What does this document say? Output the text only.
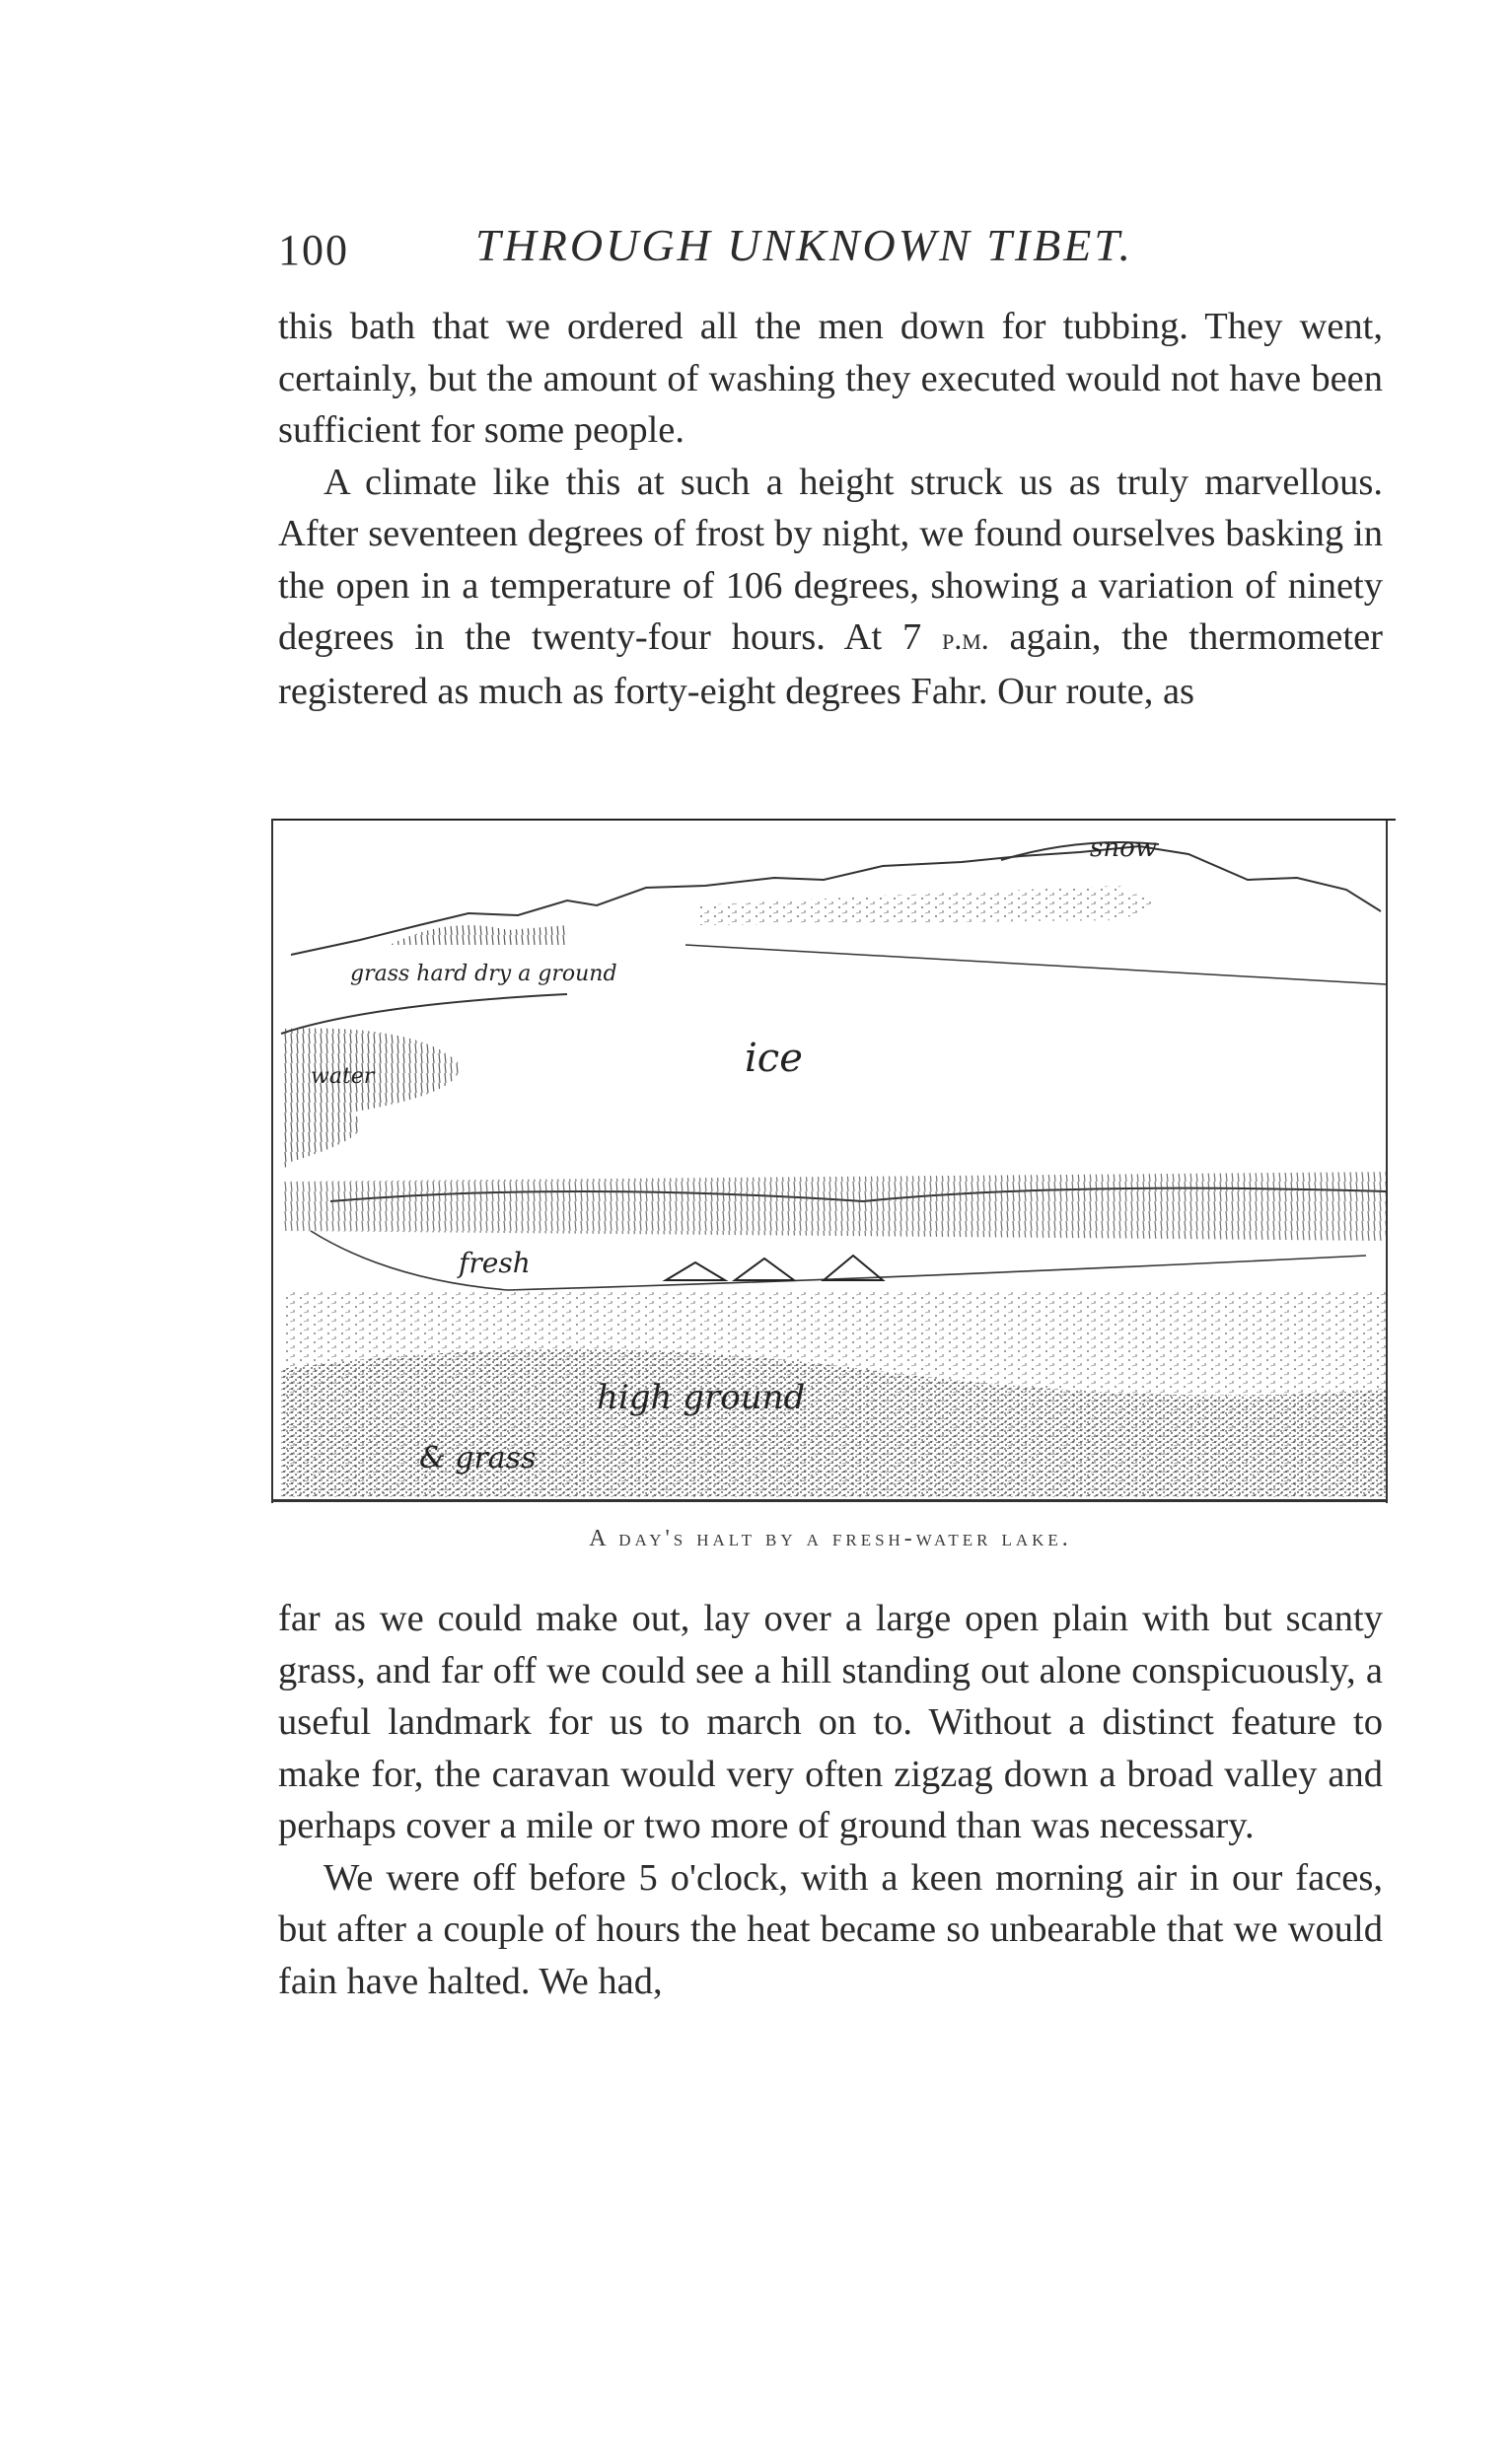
100	THROUGH UNKNOWN TIBET.

this bath that we ordered all the men down for tubbing. They went, certainly, but the amount of washing they executed would not have been sufficient for some people.

A climate like this at such a height struck us as truly marvellous. After seventeen degrees of frost by night, we found ourselves basking in the open in a temperature of 106 degrees, showing a variation of ninety degrees in the twenty-four hours. At 7 p.m. again, the thermometer registered as much as forty-eight degrees Fahr. Our route, as

snow
ice
grass hard dry a ground
water
fresh
high ground
& grass
A day's halt by a fresh-water lake.

far as we could make out, lay over a large open plain with but scanty grass, and far off we could see a hill standing out alone conspicuously, a useful landmark for us to march on to. Without a distinct feature to make for, the caravan would very often zigzag down a broad valley and perhaps cover a mile or two more of ground than was necessary.

We were off before 5 o'clock, with a keen morning air in our faces, but after a couple of hours the heat became so unbearable that we would fain have halted. We had,
